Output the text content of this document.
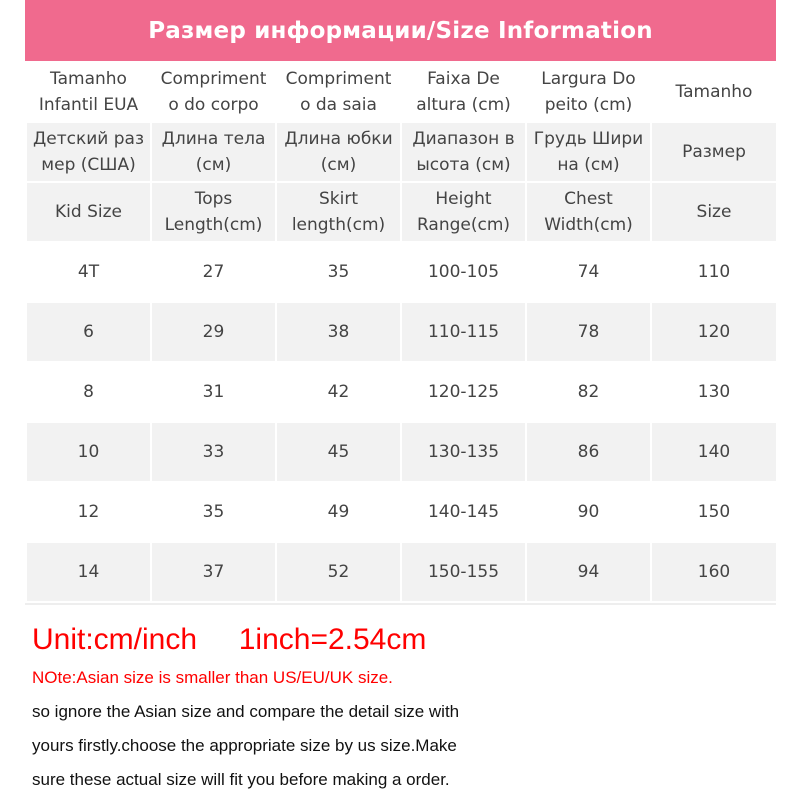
Размер информации/Size Information
Tamanho Infantil EUA	Compriment o do corpo	Compriment o da saia	Faixa De altura (cm)	Largura Do peito (cm)	Tamanho
Детский раз мер (США)	Длина тела (см)	Длина юбки (см)	Диапазон в ысота (см)	Грудь Шири на (см)	Размер
Kid Size	Tops Length(cm)	Skirt length(cm)	Height Range(cm)	Chest Width(cm)	Size
4T	27	35	100-105	74	110
6	29	38	110-115	78	120
8	31	42	120-125	82	130
10	33	45	130-135	86	140
12	35	49	140-145	90	150
14	37	52	150-155	94	160
Unit:cm/inch     1inch=2.54cm
NOte:Asian size is smaller than US/EU/UK size.
so ignore the Asian size and compare the detail size with
yours firstly.choose the appropriate size by us size.Make
sure these actual size will fit you before making a order.
